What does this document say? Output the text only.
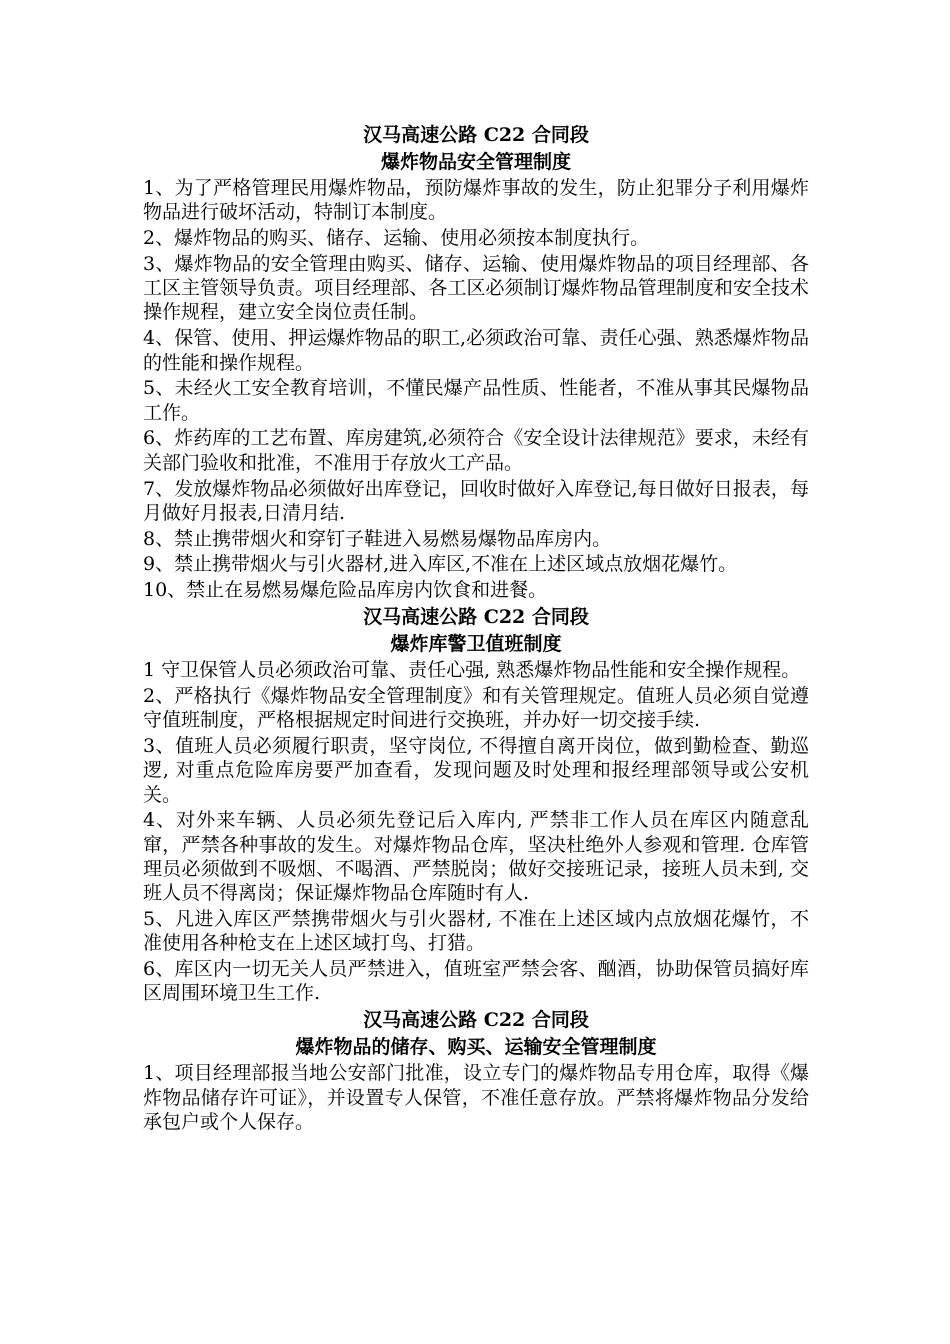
汉马高速公路 C22 合同段
爆炸物品安全管理制度
1、为了严格管理民用爆炸物品，预防爆炸事故的发生，防止犯罪分子利用爆炸物品进行破坏活动，特制订本制度。
2、爆炸物品的购买、储存、运输、使用必须按本制度执行。
3、爆炸物品的安全管理由购买、储存、运输、使用爆炸物品的项目经理部、各工区主管领导负责。项目经理部、各工区必须制订爆炸物品管理制度和安全技术操作规程，建立安全岗位责任制。
4、保管、使用、押运爆炸物品的职工,必须政治可靠、责任心强、熟悉爆炸物品的性能和操作规程。
5、未经火工安全教育培训，不懂民爆产品性质、性能者，不准从事其民爆物品工作。
6、炸药库的工艺布置、库房建筑,必须符合《安全设计法律规范》要求，未经有关部门验收和批准，不准用于存放火工产品。
7、发放爆炸物品必须做好出库登记，回收时做好入库登记,每日做好日报表，每月做好月报表,日清月结.
8、禁止携带烟火和穿钉子鞋进入易燃易爆物品库房内。
9、禁止携带烟火与引火器材,进入库区,不准在上述区域点放烟花爆竹。
10、禁止在易燃易爆危险品库房内饮食和进餐。
汉马高速公路 C22 合同段
爆炸库警卫值班制度
1 守卫保管人员必须政治可靠、责任心强, 熟悉爆炸物品性能和安全操作规程。
2、严格执行《爆炸物品安全管理制度》和有关管理规定。值班人员必须自觉遵守值班制度，严格根据规定时间进行交换班，并办好一切交接手续.
3、值班人员必须履行职责，坚守岗位, 不得擅自离开岗位，做到勤检查、勤巡逻, 对重点危险库房要严加查看，发现问题及时处理和报经理部领导或公安机关。
4、对外来车辆、人员必须先登记后入库内, 严禁非工作人员在库区内随意乱窜，严禁各种事故的发生。对爆炸物品仓库，坚决杜绝外人参观和管理. 仓库管理员必须做到不吸烟、不喝酒、严禁脱岗；做好交接班记录，接班人员未到, 交班人员不得离岗；保证爆炸物品仓库随时有人.
5、凡进入库区严禁携带烟火与引火器材, 不准在上述区域内点放烟花爆竹，不准使用各种枪支在上述区域打鸟、打猎。
6、库区内一切无关人员严禁进入，值班室严禁会客、酗酒，协助保管员搞好库区周围环境卫生工作.
汉马高速公路 C22 合同段
爆炸物品的储存、购买、运输安全管理制度
1、项目经理部报当地公安部门批准，设立专门的爆炸物品专用仓库，取得《爆炸物品储存许可证》，并设置专人保管，不准任意存放。严禁将爆炸物品分发给承包户或个人保存。
